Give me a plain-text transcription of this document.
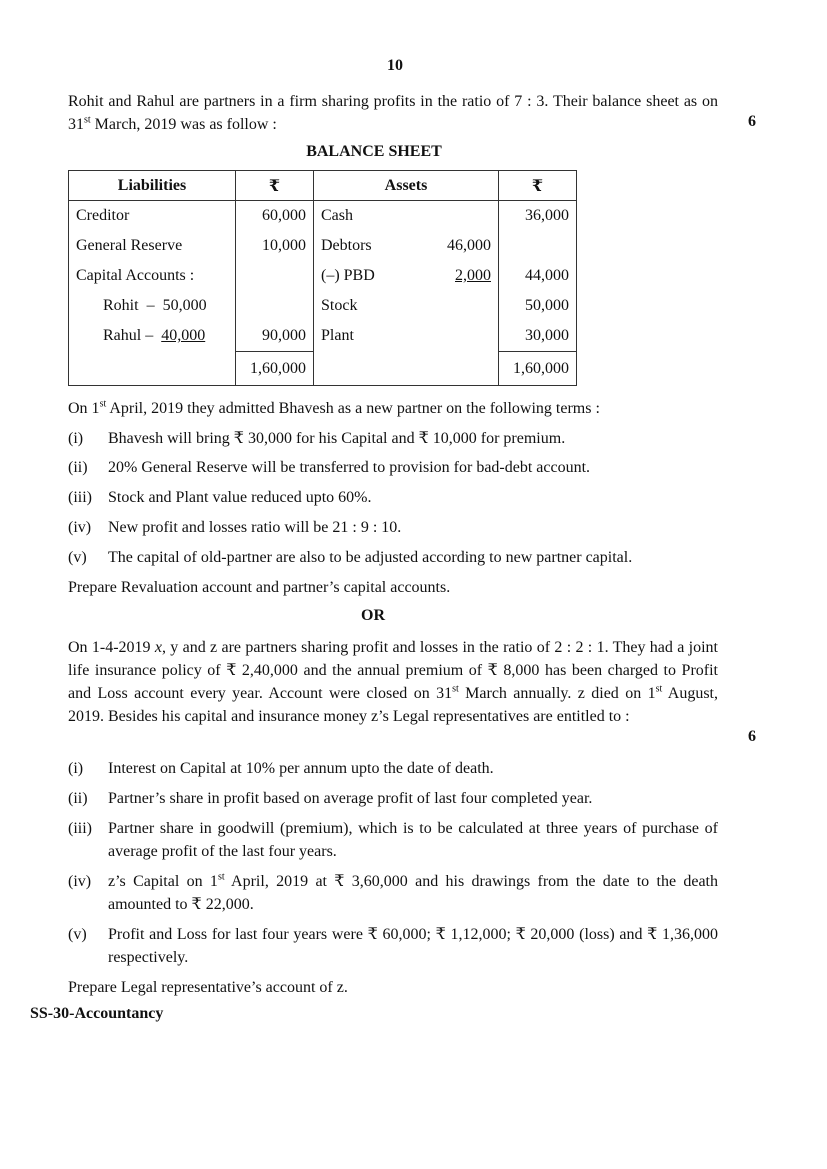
10
Rohit and Rahul are partners in a firm sharing profits in the ratio of 7 : 3. Their balance sheet as on 31st March, 2019 was as follow :	6
BALANCE SHEET
Liabilities	₹	Assets	₹
Creditor	60,000	Cash	36,000
General Reserve	10,000	Debtors 46,000	
Capital Accounts :		(–) PBD 2,000	44,000
Rohit  –  50,000		Stock	50,000
Rahul –  40,000	90,000	Plant	30,000
	1,60,000		1,60,000
On 1st April, 2019 they admitted Bhavesh as a new partner on the following terms :
(i)	Bhavesh will bring ₹ 30,000 for his Capital and ₹ 10,000 for premium.
(ii)	20% General Reserve will be transferred to provision for bad-debt account.
(iii)	Stock and Plant value reduced upto 60%.
(iv)	New profit and losses ratio will be 21 : 9 : 10.
(v)	The capital of old-partner are also to be adjusted according to new partner capital.
Prepare Revaluation account and partner’s capital accounts.
OR
On 1-4-2019 x, y and z are partners sharing profit and losses in the ratio of 2 : 2 : 1. They had a joint life insurance policy of ₹ 2,40,000 and the annual premium of ₹ 8,000 has been charged to Profit and Loss account every year. Account were closed on 31st March annually. z died on 1st August, 2019. Besides his capital and insurance money z’s Legal representatives are entitled to :
6
(i)	Interest on Capital at 10% per annum upto the date of death.
(ii)	Partner’s share in profit based on average profit of last four completed year.
(iii)	Partner share in goodwill (premium), which is to be calculated at three years of purchase of average profit of the last four years.
(iv)	z’s Capital on 1st April, 2019 at ₹ 3,60,000 and his drawings from the date to the death amounted to ₹ 22,000.
(v)	Profit and Loss for last four years were ₹ 60,000; ₹ 1,12,000; ₹ 20,000 (loss) and ₹ 1,36,000 respectively.
Prepare Legal representative’s account of z.
SS-30-Accountancy
